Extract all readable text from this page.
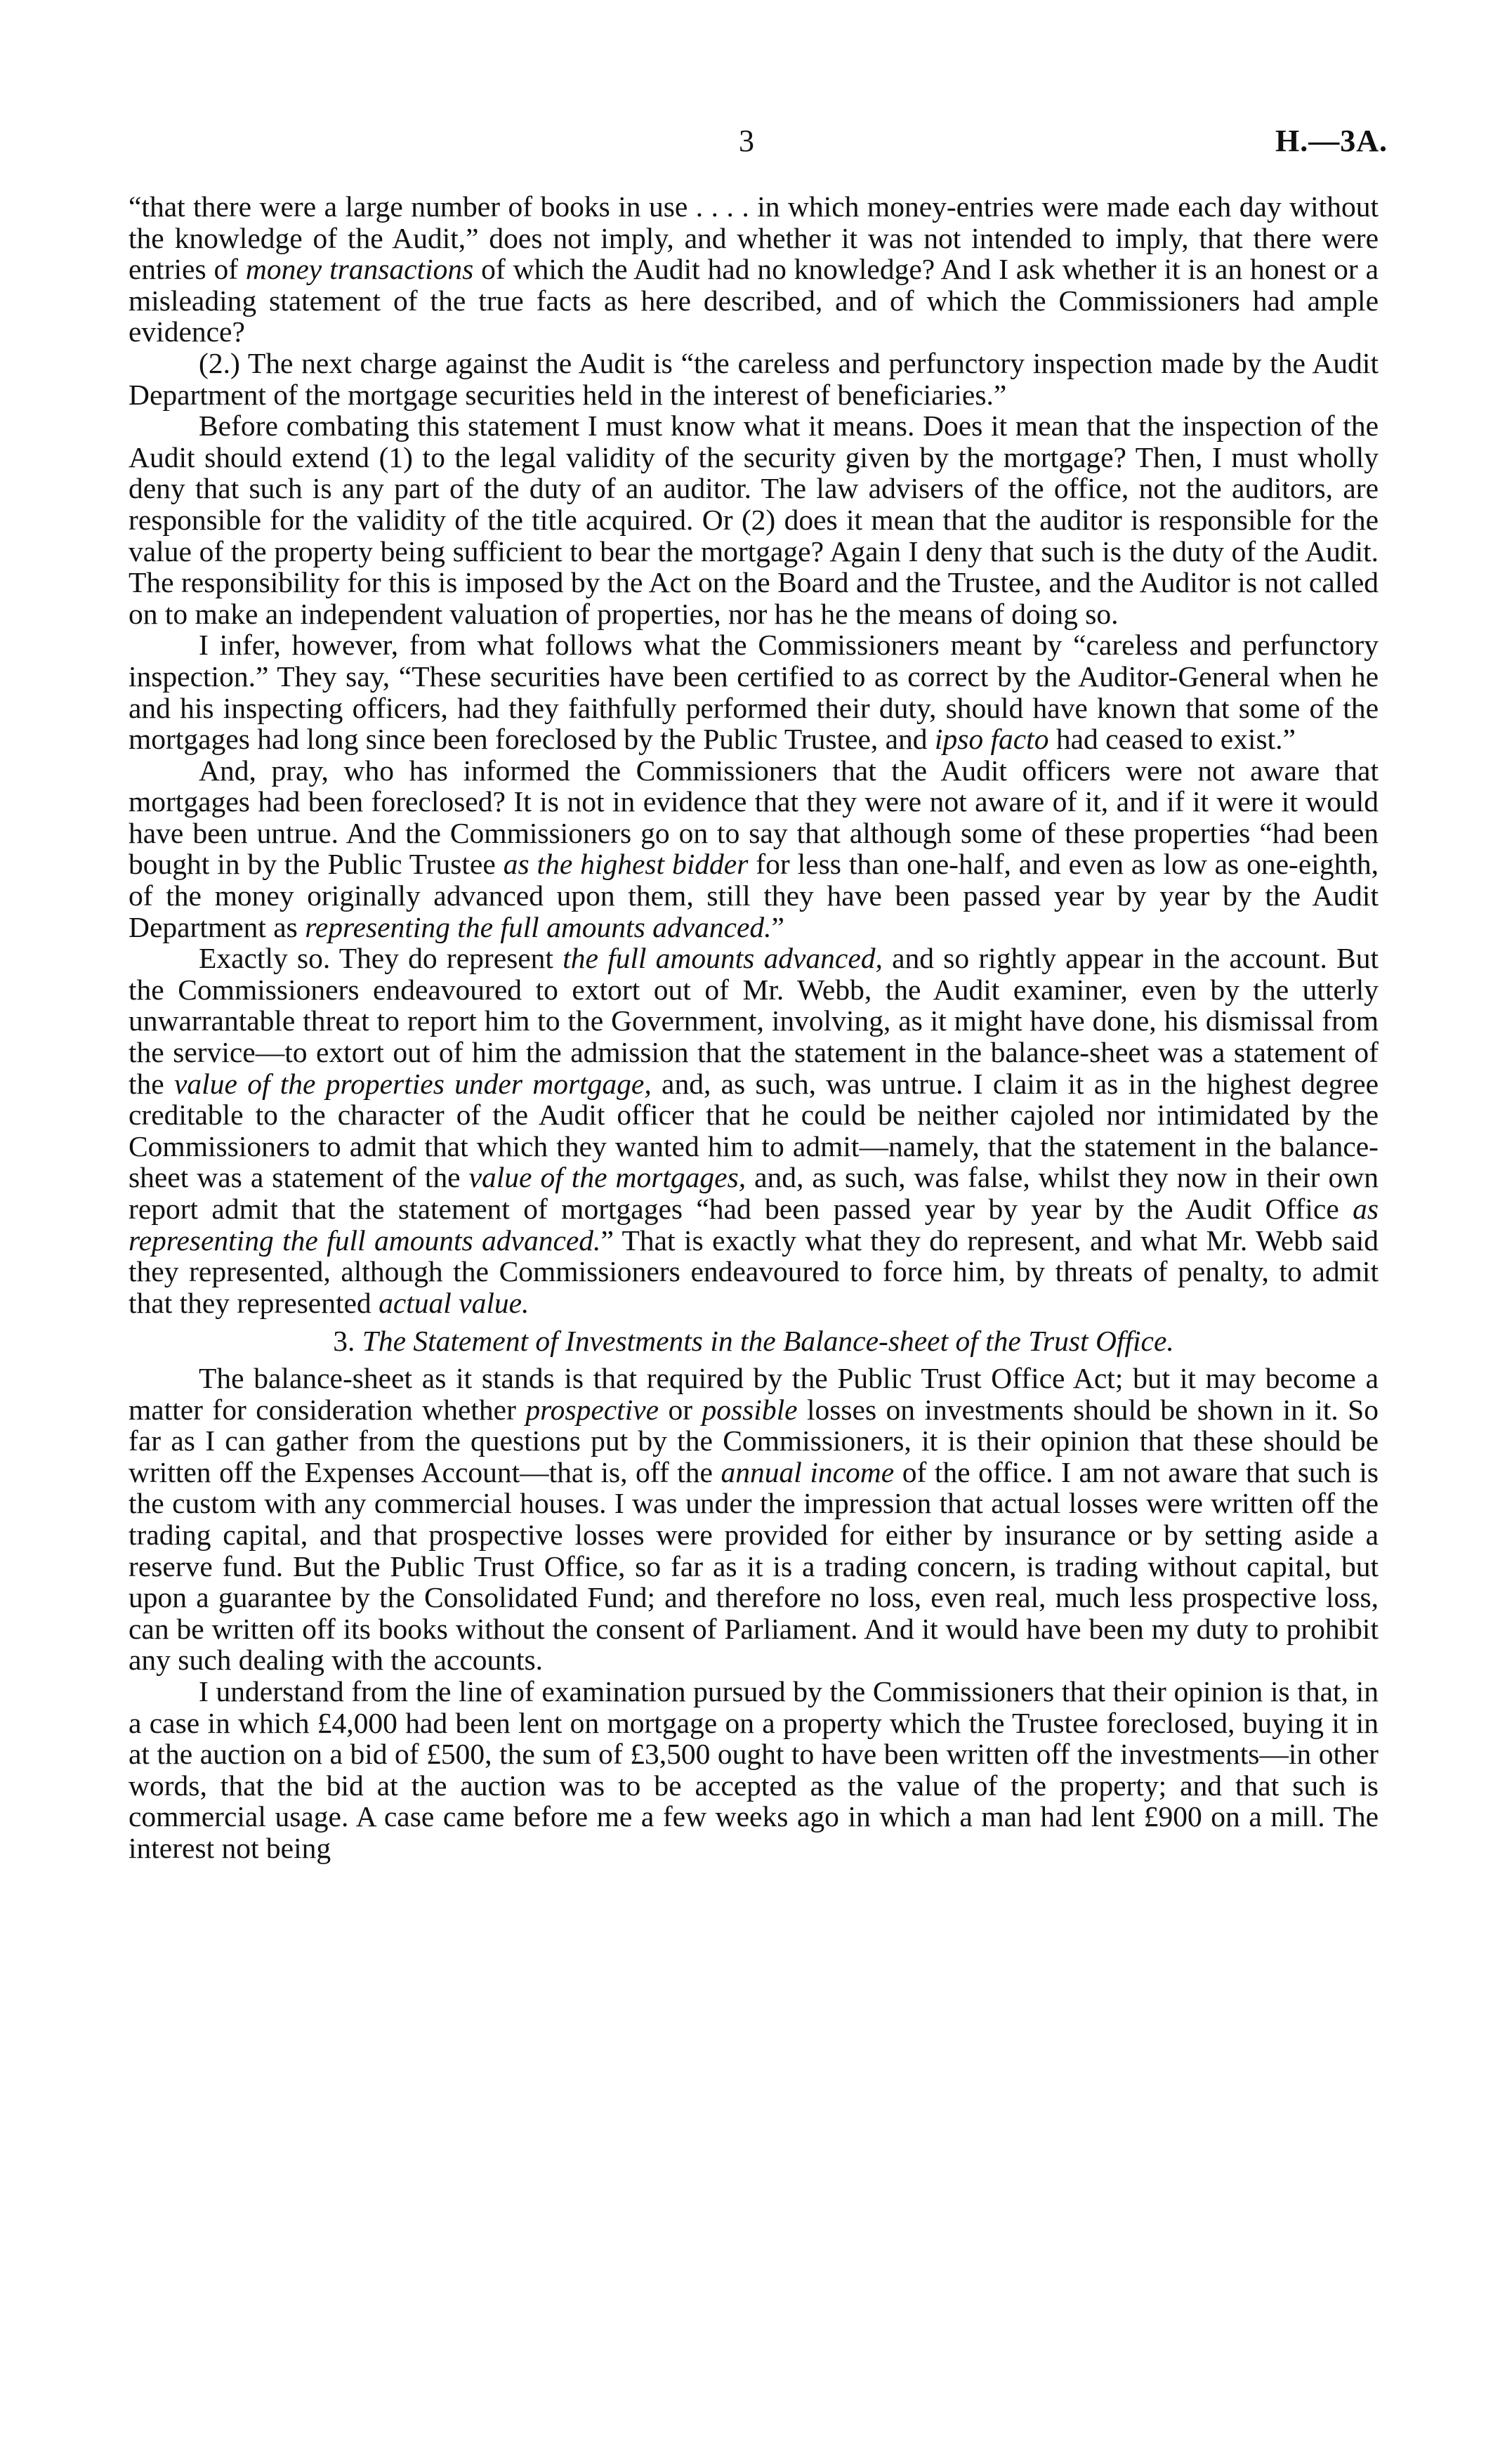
3	H.—3A.

“that there were a large number of books in use . . . . in which money-entries were made each day without the knowledge of the Audit,” does not imply, and whether it was not intended to imply, that there were entries of money transactions of which the Audit had no knowledge? And I ask whether it is an honest or a misleading statement of the true facts as here described, and of which the Commissioners had ample evidence?

(2.) The next charge against the Audit is “the careless and perfunctory inspection made by the Audit Department of the mortgage securities held in the interest of beneficiaries.”

Before combating this statement I must know what it means. Does it mean that the inspection of the Audit should extend (1) to the legal validity of the security given by the mortgage? Then, I must wholly deny that such is any part of the duty of an auditor. The law advisers of the office, not the auditors, are responsible for the validity of the title acquired. Or (2) does it mean that the auditor is responsible for the value of the property being sufficient to bear the mortgage? Again I deny that such is the duty of the Audit. The responsibility for this is imposed by the Act on the Board and the Trustee, and the Auditor is not called on to make an independent valuation of properties, nor has he the means of doing so.

I infer, however, from what follows what the Commissioners meant by “careless and perfunctory inspection.” They say, “These securities have been certified to as correct by the Auditor-General when he and his inspecting officers, had they faithfully performed their duty, should have known that some of the mortgages had long since been foreclosed by the Public Trustee, and ipso facto had ceased to exist.”

And, pray, who has informed the Commissioners that the Audit officers were not aware that mortgages had been foreclosed? It is not in evidence that they were not aware of it, and if it were it would have been untrue. And the Commissioners go on to say that although some of these properties “had been bought in by the Public Trustee as the highest bidder for less than one-half, and even as low as one-eighth, of the money originally advanced upon them, still they have been passed year by year by the Audit Department as representing the full amounts advanced.”

Exactly so. They do represent the full amounts advanced, and so rightly appear in the account. But the Commissioners endeavoured to extort out of Mr. Webb, the Audit examiner, even by the utterly unwarrantable threat to report him to the Government, involving, as it might have done, his dismissal from the service—to extort out of him the admission that the statement in the balance-sheet was a statement of the value of the properties under mortgage, and, as such, was untrue. I claim it as in the highest degree creditable to the character of the Audit officer that he could be neither cajoled nor intimidated by the Commissioners to admit that which they wanted him to admit—namely, that the statement in the balance-sheet was a statement of the value of the mortgages, and, as such, was false, whilst they now in their own report admit that the statement of mortgages “had been passed year by year by the Audit Office as representing the full amounts advanced.” That is exactly what they do represent, and what Mr. Webb said they represented, although the Commissioners endeavoured to force him, by threats of penalty, to admit that they represented actual value.

3. The Statement of Investments in the Balance-sheet of the Trust Office.

The balance-sheet as it stands is that required by the Public Trust Office Act; but it may become a matter for consideration whether prospective or possible losses on investments should be shown in it. So far as I can gather from the questions put by the Commissioners, it is their opinion that these should be written off the Expenses Account—that is, off the annual income of the office. I am not aware that such is the custom with any commercial houses. I was under the impression that actual losses were written off the trading capital, and that prospective losses were provided for either by insurance or by setting aside a reserve fund. But the Public Trust Office, so far as it is a trading concern, is trading without capital, but upon a guarantee by the Consolidated Fund; and therefore no loss, even real, much less prospective loss, can be written off its books without the consent of Parliament. And it would have been my duty to prohibit any such dealing with the accounts.

I understand from the line of examination pursued by the Commissioners that their opinion is that, in a case in which £4,000 had been lent on mortgage on a property which the Trustee foreclosed, buying it in at the auction on a bid of £500, the sum of £3,500 ought to have been written off the investments—in other words, that the bid at the auction was to be accepted as the value of the property; and that such is commercial usage. A case came before me a few weeks ago in which a man had lent £900 on a mill. The interest not being
